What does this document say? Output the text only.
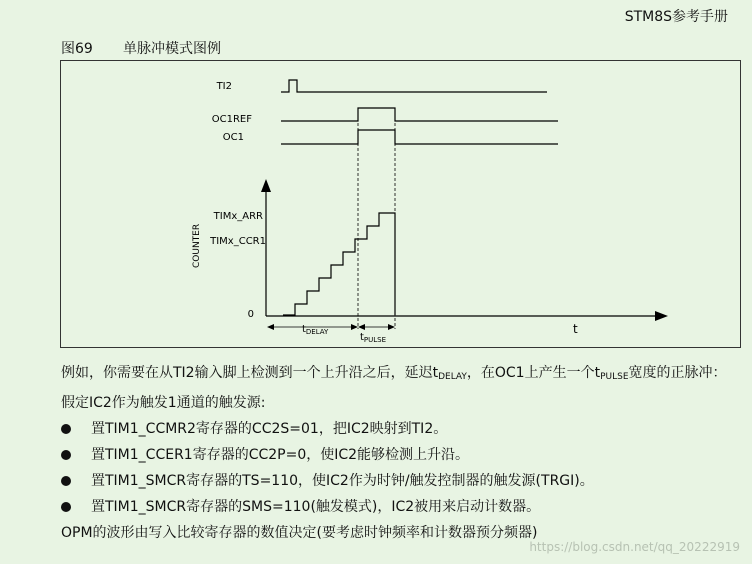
STM8S参考手册
图69 单脉冲模式图例
TI2
OC1REF
OC1
t
COUNTER
TIMx_ARR
TIMx_CCR1
0
$t_{DELAY}$	$t_{PULSE}$

例如，你需要在从TI2输入脚上检测到一个上升沿之后，延迟$t_{DELAY}$，在OC1上产生一个$t_{PULSE}$宽度的正脉冲：

假定IC2作为触发1通道的触发源:

置TIM1_CCMR2寄存器的CC2S=01，把IC2映射到TI2。
置TIM1_CCER1寄存器的CC2P=0，使IC2能够检测上升沿。
置TIM1_SMCR寄存器的TS=110，使IC2作为时钟/触发控制器的触发源(TRGI)。
置TIM1_SMCR寄存器的SMS=110(触发模式)，IC2被用来启动计数器。

OPM的波形由写入比较寄存器的数值决定(要考虑时钟频率和计数器预分频器)

https://blog.csdn.net/qq_20222919
